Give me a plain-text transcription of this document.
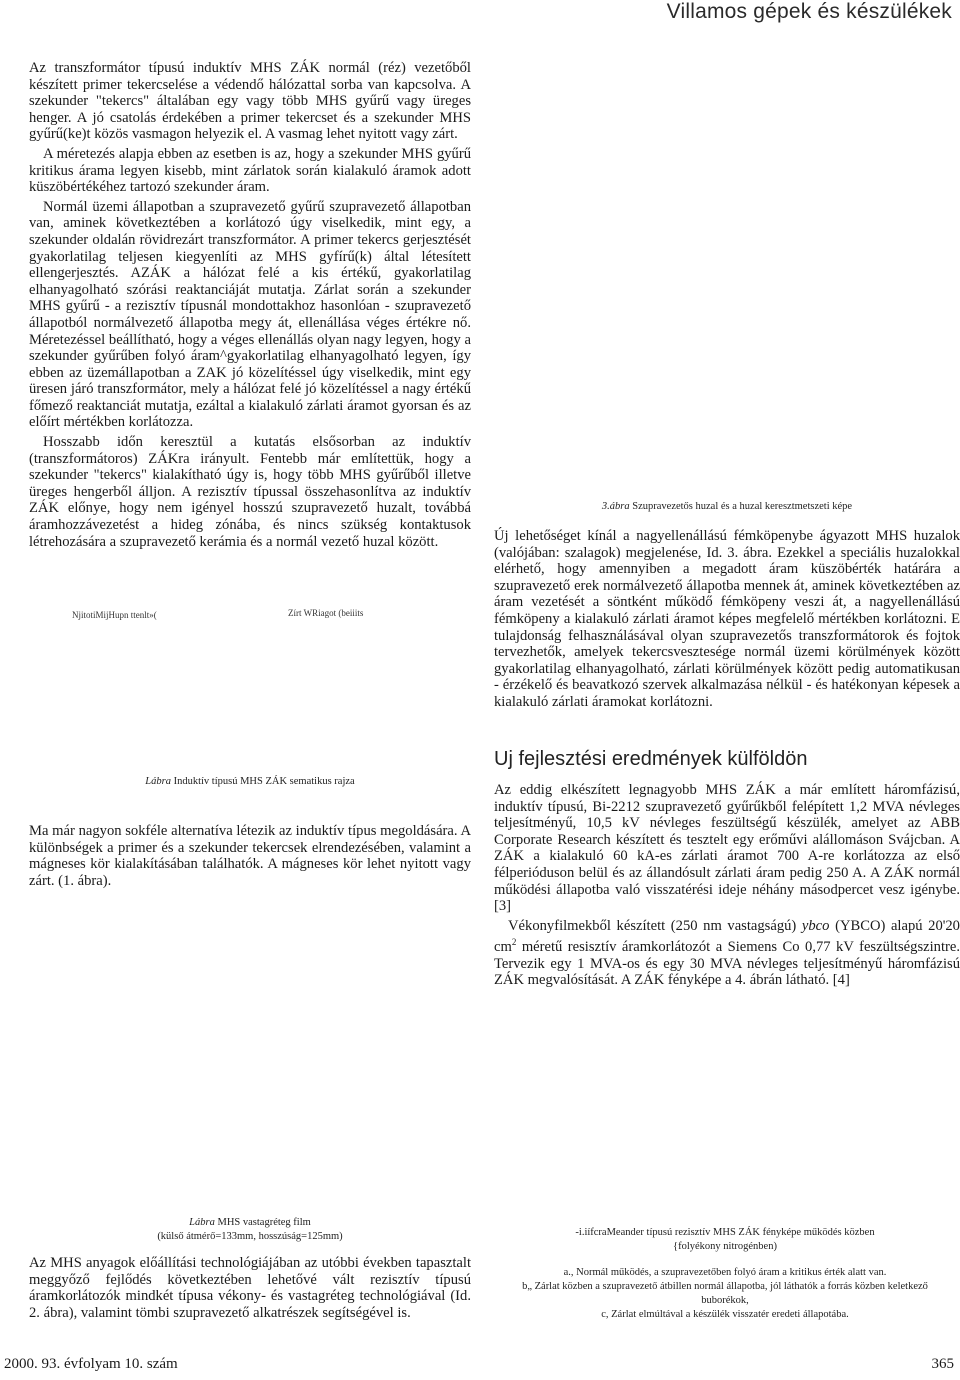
Villamos gépek és készülékek

Az transzformátor típusú induktív MHS ZÁK normál (réz) vezetőből készített primer tekercselése a védendő hálózattal sorba van kapcsolva. A szekunder "tekercs" általában egy vagy több MHS gyűrű vagy üreges henger. A jó csatolás érdekében a primer tekercset és a szekunder MHS gyűrű(ke)t közös vasmagon helyezik el. A vasmag lehet nyitott vagy zárt.

A méretezés alapja ebben az esetben is az, hogy a szekunder MHS gyűrű kritikus árama legyen kisebb, mint zárlatok során kialakuló áramok adott küszöbértékéhez tartozó szekunder áram.

Normál üzemi állapotban a szupravezető gyűrű szupravezető állapotban van, aminek következtében a korlátozó úgy viselkedik, mint egy, a szekunder oldalán rövidrezárt transzformátor. A primer tekercs gerjesztését gyakorlatilag teljesen kiegyenlíti az MHS gyfírű(k) által létesített ellengerjesztés. AZÁK a hálózat felé a kis értékű, gyakorlatilag elhanyagolható szórási reaktanciáját mutatja. Zárlat során a szekunder MHS gyűrű - a rezisztív típusnál mondottakhoz hasonlóan - szupravezető állapotból normálvezető állapotba megy át, ellenállása véges értékre nő. Méretezéssel beállítható, hogy a véges ellenállás olyan nagy legyen, hogy a szekunder gyűrűben folyó áram^gyakorlatilag elhanyagolható legyen, így ebben az üzemállapotban a ZAK jó közelítéssel úgy viselkedik, mint egy üresen járó transzformátor, mely a hálózat felé jó közelítéssel a nagy értékű főmező reaktanciát mutatja, ezáltal a kialakuló zárlati áramot gyorsan és az előírt mértékben korlátozza.

Hosszabb időn keresztül a kutatás elsősorban az induktív (transzformátoros) ZÁKra irányult. Fentebb már említettük, hogy a szekunder "tekercs" kialakítható úgy is, hogy több MHS gyűrűből illetve üreges hengerből álljon. A rezisztív típussal összehasonlítva az induktív ZÁK előnye, hogy nem igényel hosszú szupravezető huzalt, továbbá áramhozzávezetést a hideg zónába, és nincs szükség kontaktusok létrehozására a szupravezető kerámia és a normál vezető huzal között.

NjitotiMijHupn ttenlt»(	Zírt WRiagot (beiiits
Lábra Induktív típusú MHS ZÁK sematikus rajza

Ma már nagyon sokféle alternatíva létezik az induktív típus megoldására. A különbségek a primer és a szekunder tekercsek elrendezésében, valamint a mágneses kör kialakításában találhatók. A mágneses kör lehet nyitott vagy zárt. (1. ábra).

Lábra MHS vastagréteg film
(külső átmérő=133mm, hosszúság=125mm)

Az MHS anyagok előállítási technológiájában az utóbbi években tapasztalt meggyőző fejlődés következtében lehetővé vált rezisztív típusú áramkorlátozók mindkét típusa vékony- és vastagréteg technológiával (Id. 2. ábra), valamint tömbi szupravezető alkatrészek segítségével is.

3.ábra Szupravezetős huzal és a huzal keresztmetszeti képe

Új lehetőséget kínál a nagyellenállású fémköpenybe ágyazott MHS huzalok (valójában: szalagok) megjelenése, Id. 3. ábra. Ezekkel a speciális huzalokkal elérhető, hogy amennyiben a megadott áram küszöbérték határára a szupravezető erek normálvezető állapotba mennek át, aminek következtében az áram vezetését a söntként működő fémköpeny veszi át, a nagyellenállású fémköpeny a kialakuló zárlati áramot képes megfelelő mértékben korlátozni. E tulajdonság felhasználásával olyan szupravezetős transzformátorok és fojtok tervezhetők, amelyek tekercsvesztesége normál üzemi körülmények között gyakorlatilag elhanyagolható, zárlati körülmények között pedig automatikusan - érzékelő és beavatkozó szervek alkalmazása nélkül - és hatékonyan képesek a kialakuló zárlati áramokat korlátozni.

Uj fejlesztési eredmények külföldön

Az eddig elkészített legnagyobb MHS ZÁK a már említett háromfázisú, induktív típusú, Bi-2212 szupravezető gyűrűkből felépített 1,2 MVA névleges teljesítményű, 10,5 kV névleges feszültségű készülék, amelyet az ABB Corporate Research készített és tesztelt egy erőművi alállomáson Svájcban. A ZÁK a kialakuló 60 kA-es zárlati áramot 700 A-re korlátozza az első félperióduson belül és az állandósult zárlati áram pedig 250 A. A ZÁK normál működési állapotba való visszatérési ideje néhány másodpercet vesz igénybe. [3]

Vékonyfilmekből készített (250 nm vastagságú) ybco (YBCO) alapú 20'20 $cm^2$ méretű resisztív áramkorlátozót a Siemens Co 0,77 kV feszültségszintre. Tervezik egy 1 MVA-os és egy 30 MVA névleges teljesítményű háromfázisú ZÁK megvalósítását. A ZÁK fényképe a 4. ábrán látható. [4]

-i.iífcraMeander típusú rezisztív MHS ZÁK fényképe működés közben
{folyékony nitrogénben)
a., Normál működés, a szupravezetőben folyó áram a kritikus érték alatt van.
b„ Zárlat közben a szupravezető átbillen normál állapotba, jól láthatók a forrás közben keletkező buborékok,
c, Zárlat elmúltával a készülék visszatér eredeti állapotába.
2000. 93. évfolyam 10. szám	365
